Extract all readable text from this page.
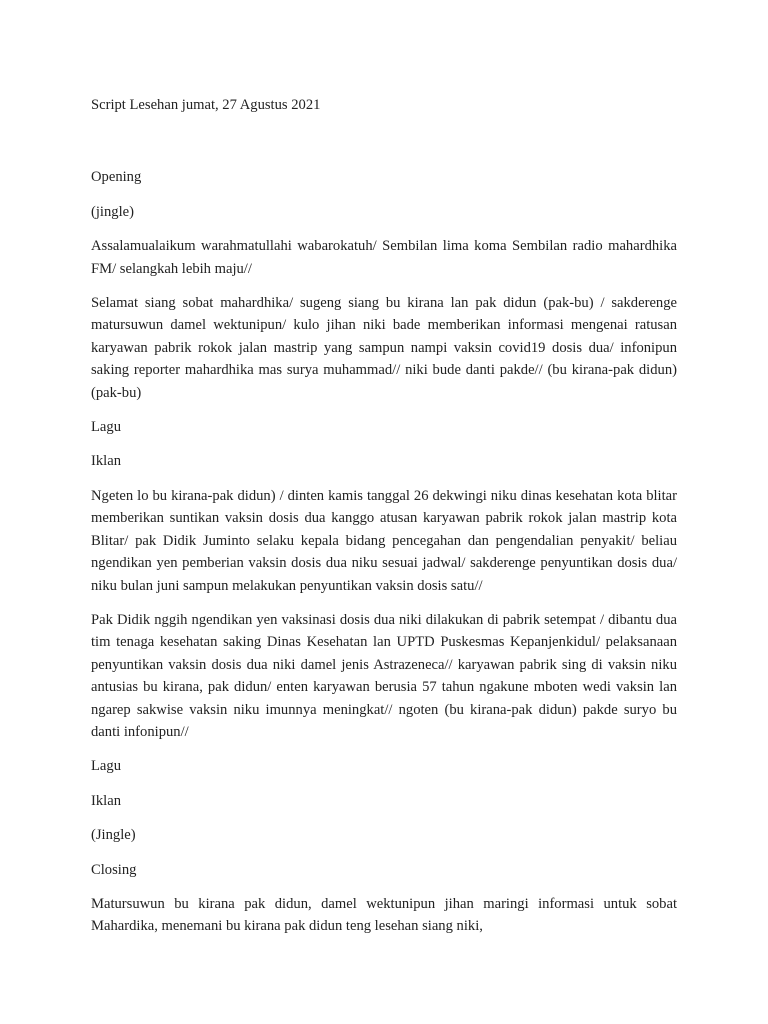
Script Lesehan jumat, 27 Agustus 2021

Opening

(jingle)

Assalamualaikum warahmatullahi wabarokatuh/ Sembilan lima koma Sembilan radio mahardhika FM/ selangkah lebih maju//

Selamat siang sobat mahardhika/ sugeng siang bu kirana lan pak didun (pak-bu) / sakderenge matursuwun damel wektunipun/ kulo jihan niki bade memberikan informasi mengenai ratusan karyawan pabrik rokok jalan mastrip yang sampun nampi vaksin covid19 dosis dua/ infonipun saking reporter mahardhika mas surya muhammad// niki bude danti pakde// (bu kirana-pak didun) (pak-bu)

Lagu

Iklan

Ngeten lo bu kirana-pak didun) / dinten kamis tanggal 26 dekwingi niku dinas kesehatan kota blitar memberikan suntikan vaksin dosis dua kanggo atusan karyawan pabrik rokok jalan mastrip kota Blitar/ pak Didik Juminto selaku kepala bidang pencegahan dan pengendalian penyakit/ beliau ngendikan yen pemberian vaksin dosis dua niku sesuai jadwal/ sakderenge penyuntikan dosis dua/ niku bulan juni sampun melakukan penyuntikan vaksin dosis satu//

Pak Didik nggih ngendikan yen vaksinasi dosis dua niki dilakukan di pabrik setempat / dibantu dua tim tenaga kesehatan saking Dinas Kesehatan lan UPTD Puskesmas Kepanjenkidul/ pelaksanaan penyuntikan vaksin dosis dua niki damel jenis Astrazeneca// karyawan pabrik sing di vaksin niku antusias bu kirana, pak didun/ enten karyawan berusia 57 tahun ngakune mboten wedi vaksin lan ngarep sakwise vaksin niku imunnya meningkat// ngoten (bu kirana-pak didun) pakde suryo bu danti infonipun//

Lagu

Iklan

(Jingle)

Closing

Matursuwun bu kirana pak didun, damel wektunipun jihan maringi informasi untuk sobat Mahardika, menemani bu kirana pak didun teng lesehan siang niki,
